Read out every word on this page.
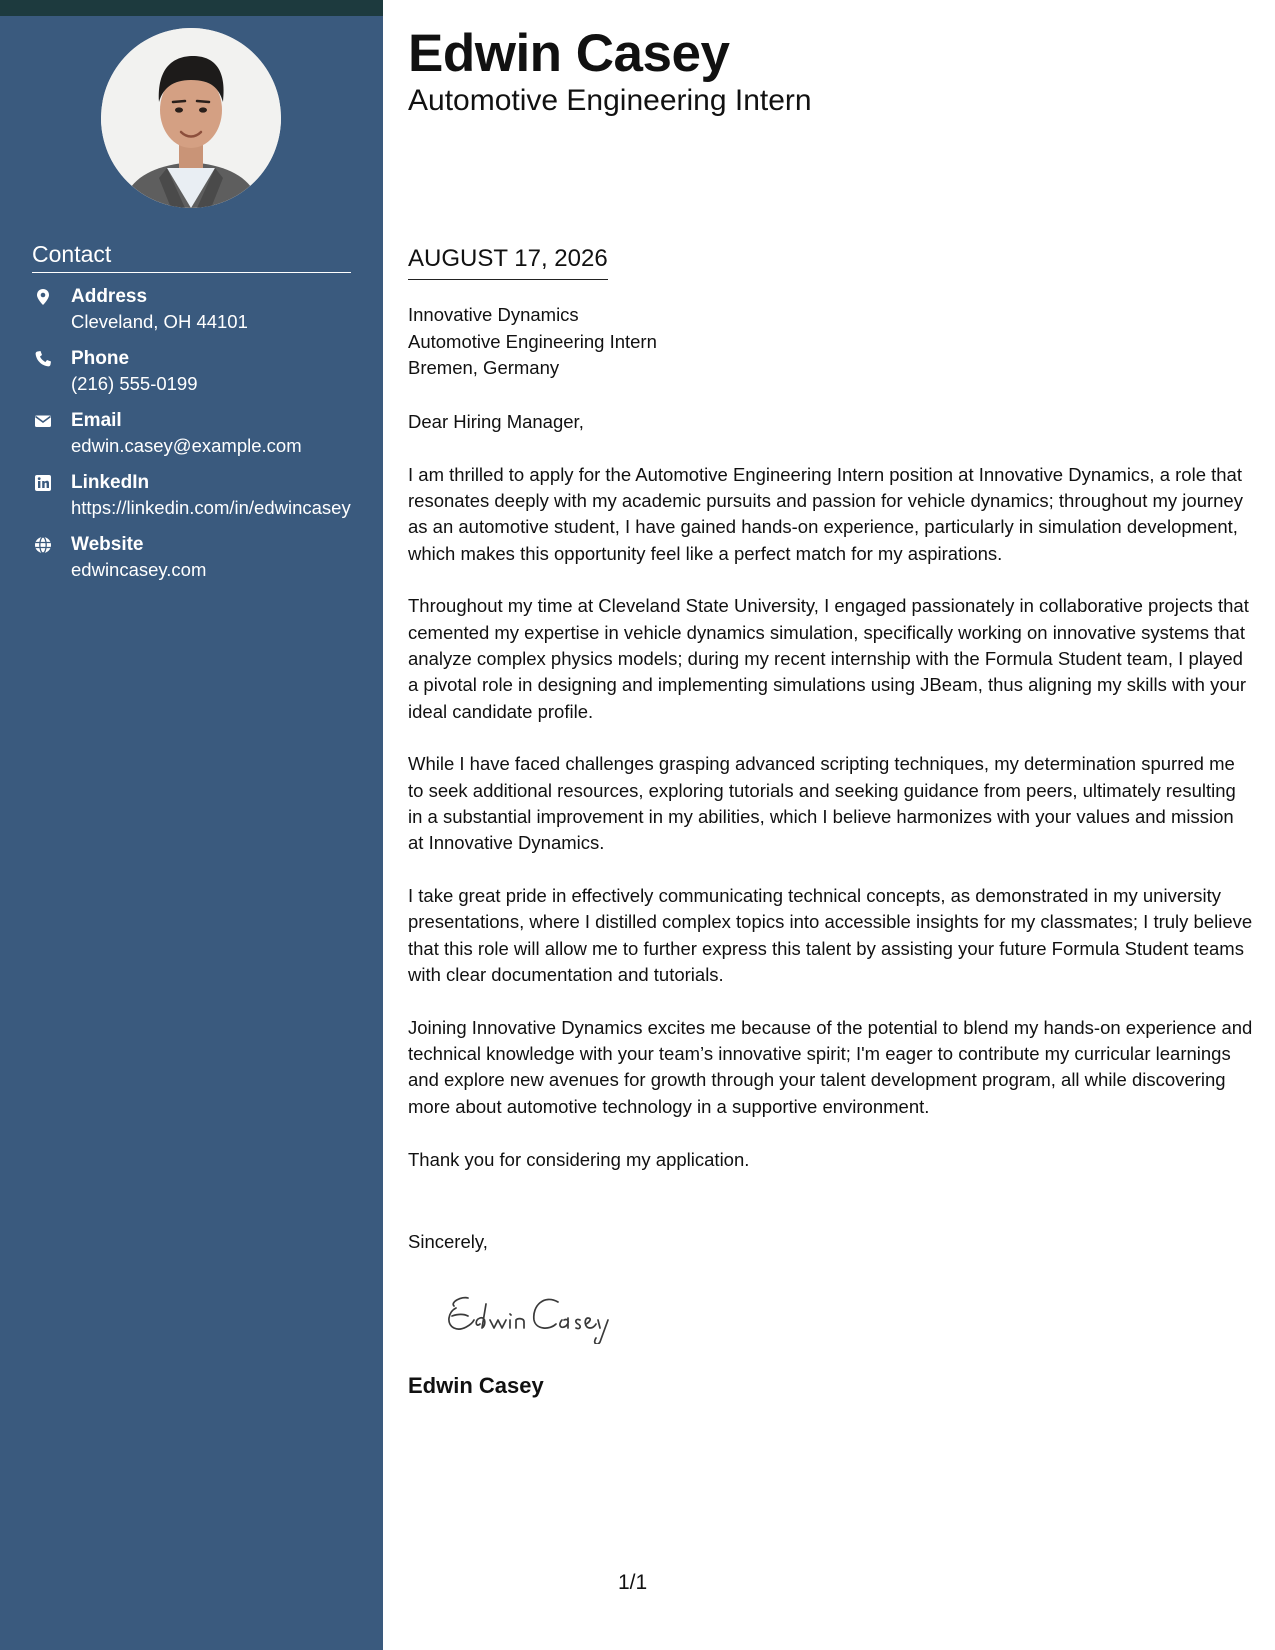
Contact
Address
Cleveland, OH 44101
Phone
(216) 555-0199
Email
edwin.casey@example.com
LinkedIn
https://linkedin.com/in/edwincasey
Website
edwincasey.com
Edwin Casey
Automotive Engineering Intern
AUGUST 17, 2026
Innovative Dynamics
Automotive Engineering Intern
Bremen, Germany

Dear Hiring Manager,

I am thrilled to apply for the Automotive Engineering Intern position at Innovative Dynamics, a role that resonates deeply with my academic pursuits and passion for vehicle dynamics; throughout my journey as an automotive student, I have gained hands-on experience, particularly in simulation development, which makes this opportunity feel like a perfect match for my aspirations.

Throughout my time at Cleveland State University, I engaged passionately in collaborative projects that cemented my expertise in vehicle dynamics simulation, specifically working on innovative systems that analyze complex physics models; during my recent internship with the Formula Student team, I played a pivotal role in designing and implementing simulations using JBeam, thus aligning my skills with your ideal candidate profile.

While I have faced challenges grasping advanced scripting techniques, my determination spurred me to seek additional resources, exploring tutorials and seeking guidance from peers, ultimately resulting in a substantial improvement in my abilities, which I believe harmonizes with your values and mission at Innovative Dynamics.

I take great pride in effectively communicating technical concepts, as demonstrated in my university presentations, where I distilled complex topics into accessible insights for my classmates; I truly believe that this role will allow me to further express this talent by assisting your future Formula Student teams with clear documentation and tutorials.

Joining Innovative Dynamics excites me because of the potential to blend my hands-on experience and technical knowledge with your team’s innovative spirit; I'm eager to contribute my curricular learnings and explore new avenues for growth through your talent development program, all while discovering more about automotive technology in a supportive environment.

Thank you for considering my application.

Sincerely,
Edwin Casey
1/1
